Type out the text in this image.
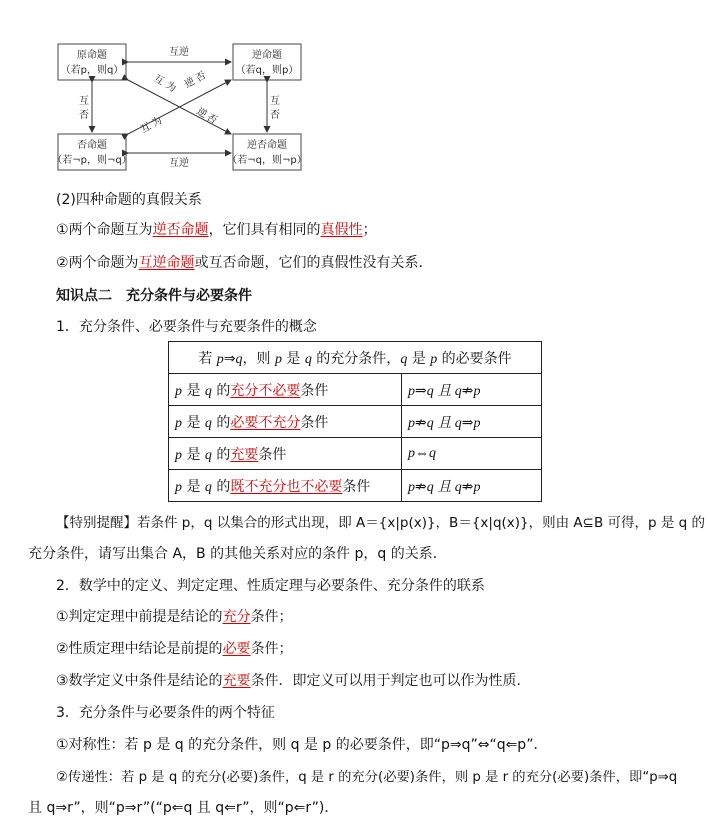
原命题
（若p，则q）
逆命题
（若q，则p）
否命题
（若¬p，则¬q）
逆否命题
（若¬q，则¬p）
互逆
互逆
互
否
互
否
互
为
逆
否
互
为
逆
否
(2)四种命题的真假关系
①两个命题互为逆否命题，它们具有相同的真假性；
②两个命题为互逆命题或互否命题，它们的真假性没有关系．
知识点二　充分条件与必要条件
1．充分条件、必要条件与充要条件的概念
若 p⇒q，则 p 是 q 的充分条件，q 是 p 的必要条件	
p 是 q 的充分不必要条件	p⇒q 且 q⇏p
p 是 q 的必要不充分条件	p⇏q 且 q⇒p
p 是 q 的充要条件	p⇔q
p 是 q 的既不充分也不必要条件	p⇏q 且 q⇏p
【特别提醒】若条件 p，q 以集合的形式出现，即 A＝{x|p(x)}，B＝{x|q(x)}，则由 A⊆B 可得，p 是 q 的
充分条件，请写出集合 A，B 的其他关系对应的条件 p，q 的关系．
2．数学中的定义、判定定理、性质定理与必要条件、充分条件的联系
①判定定理中前提是结论的充分条件；
②性质定理中结论是前提的必要条件；
③数学定义中条件是结论的充要条件．即定义可以用于判定也可以作为性质．
3．充分条件与必要条件的两个特征
①对称性：若 p 是 q 的充分条件，则 q 是 p 的必要条件，即“p⇒q”⇔“q⇐p”．
②传递性：若 p 是 q 的充分(必要)条件，q 是 r 的充分(必要)条件，则 p 是 r 的充分(必要)条件，即“p⇒q
且 q⇒r”，则“p⇒r”(“p⇐q 且 q⇐r”，则“p⇐r”)．
